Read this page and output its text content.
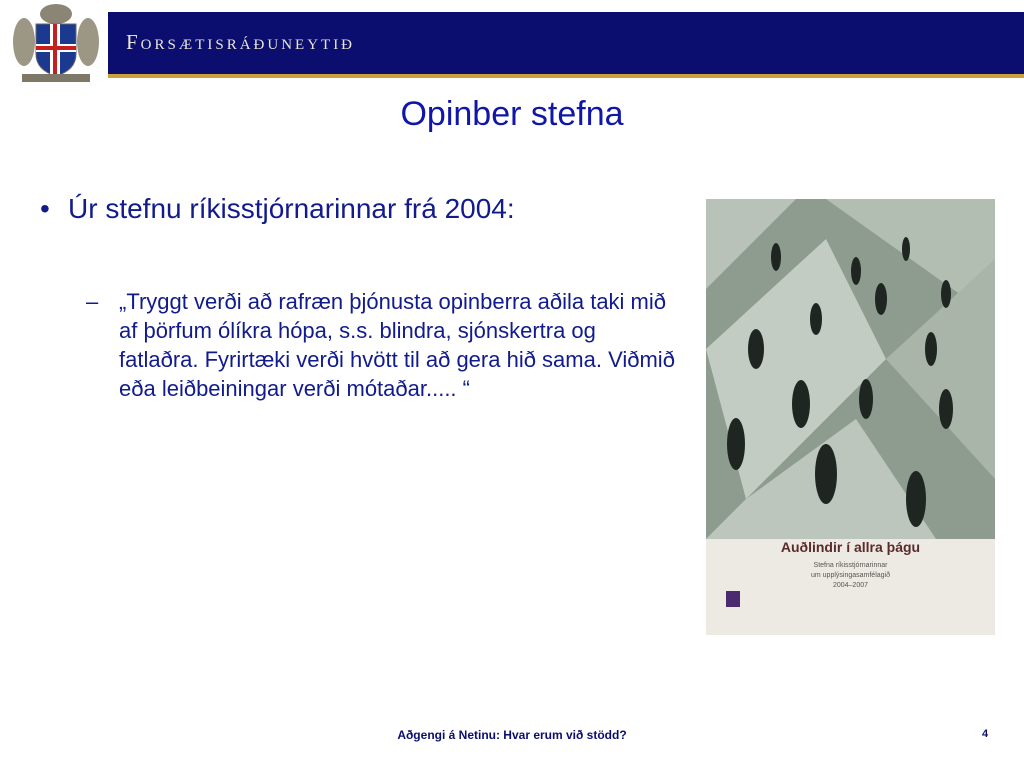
Forsætisráðuneytið
Opinber stefna
• Úr stefnu ríkisstjórnarinnar frá 2004:
– „Tryggt verði að rafræn þjónusta opinberra aðila taki mið af þörfum ólíkra hópa, s.s. blindra, sjónskertra og fatlaðra. Fyrirtæki verði hvött til að gera hið sama. Viðmið eða leiðbeiningar verði mótaðar..... “
Auðlindir í allra þágu
Stefna ríkisstjórnarinnar
um upplýsingasamfélagið
2004–2007
Aðgengi á Netinu: Hvar erum við stödd?	4
